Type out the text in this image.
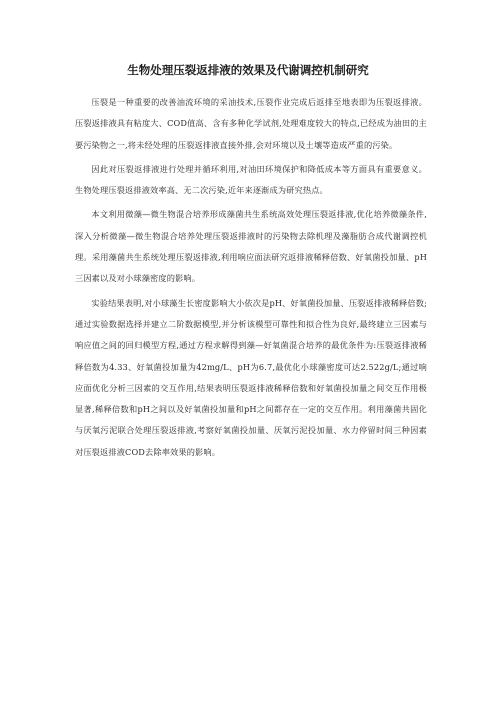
生物处理压裂返排液的效果及代谢调控机制研究

压裂是一种重要的改善油流环境的采油技术,压裂作业完成后返排至地表即为压裂返排液。压裂返排液具有粘度大、COD值高、含有多种化学试剂,处理难度较大的特点,已经成为油田的主要污染物之一,将未经处理的压裂返排液直接外排,会对环境以及土壤等造成严重的污染。

因此对压裂返排液进行处理并循环利用,对油田环境保护和降低成本等方面具有重要意义。生物处理压裂返排液效率高、无二次污染,近年来逐渐成为研究热点。

本文利用微藻—微生物混合培养形成藻菌共生系统高效处理压裂返排液,优化培养微藻条件,深入分析微藻—微生物混合培养处理压裂返排液时的污染物去除机理及藻脂肪合成代谢调控机理。采用藻菌共生系统处理压裂返排液,利用响应面法研究返排液稀释倍数、好氧菌投加量、pH三因素以及对小球藻密度的影响。

实验结果表明,对小球藻生长密度影响大小依次是pH、好氧菌投加量、压裂返排液稀释倍数;通过实验数据选择并建立二阶数据模型,并分析该模型可靠性和拟合性为良好,最终建立三因素与响应值之间的回归模型方程,通过方程求解得到藻—好氧菌混合培养的最优条件为:压裂返排液稀释倍数为4.33、好氧菌投加量为42mg/L、pH为6.7,最优化小球藻密度可达2.522g/L;通过响应面优化分析三因素的交互作用,结果表明压裂返排液稀释倍数和好氧菌投加量之间交互作用极显著,稀释倍数和pH之间以及好氧菌投加量和pH之间都存在一定的交互作用。利用藻菌共固化与厌氧污泥联合处理压裂返排液,考察好氧菌投加量、厌氧污泥投加量、水力停留时间三种因素对压裂返排液COD去除率效果的影响。
